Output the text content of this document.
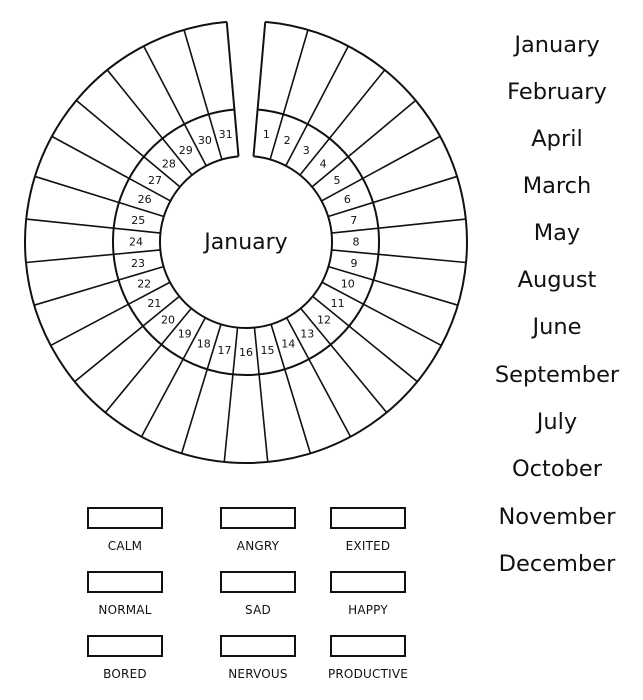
1 2
3
4
5
6
7
8
9
10
11
12
13
14
15
16
17
18
19
20
21
22
23
24
25
26
27
28
29
30 31
January
January
February
April
March
May
August
June
September
July
October
November
December
CALM	ANGRY	EXITED
NORMAL	SAD	HAPPY
BORED	NERVOUS	PRODUCTIVE
